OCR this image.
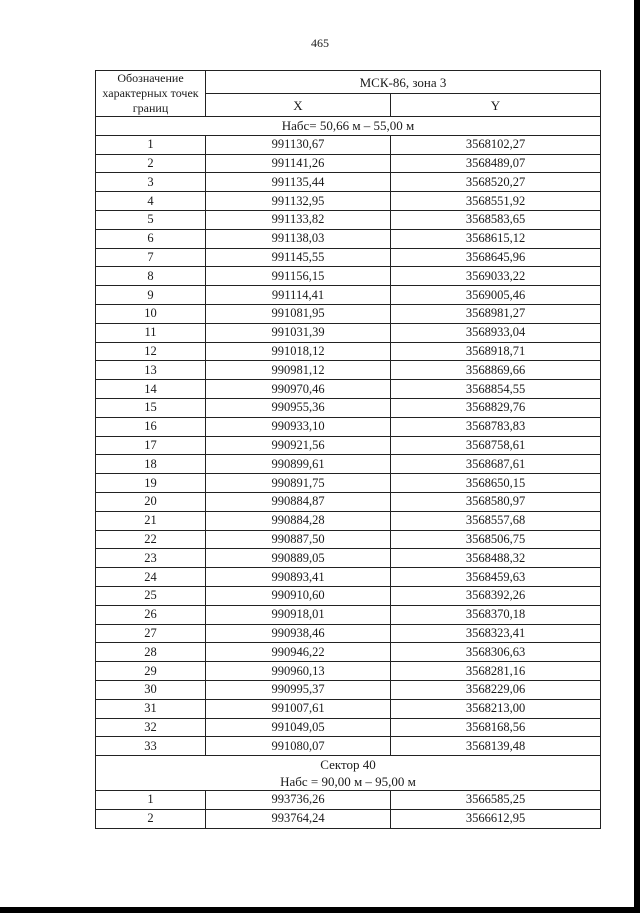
465
Обозначение характерных точек границ	МСК-86, зона 3	
	X	Y
Набс= 50,66 м – 55,00 м		
1	991130,67	3568102,27
2	991141,26	3568489,07
3	991135,44	3568520,27
4	991132,95	3568551,92
5	991133,82	3568583,65
6	991138,03	3568615,12
7	991145,55	3568645,96
8	991156,15	3569033,22
9	991114,41	3569005,46
10	991081,95	3568981,27
11	991031,39	3568933,04
12	991018,12	3568918,71
13	990981,12	3568869,66
14	990970,46	3568854,55
15	990955,36	3568829,76
16	990933,10	3568783,83
17	990921,56	3568758,61
18	990899,61	3568687,61
19	990891,75	3568650,15
20	990884,87	3568580,97
21	990884,28	3568557,68
22	990887,50	3568506,75
23	990889,05	3568488,32
24	990893,41	3568459,63
25	990910,60	3568392,26
26	990918,01	3568370,18
27	990938,46	3568323,41
28	990946,22	3568306,63
29	990960,13	3568281,16
30	990995,37	3568229,06
31	991007,61	3568213,00
32	991049,05	3568168,56
33	991080,07	3568139,48

Сектор 40
Набс = 90,00 м – 95,00 м		

1	993736,26	3566585,25
2	993764,24	3566612,95
